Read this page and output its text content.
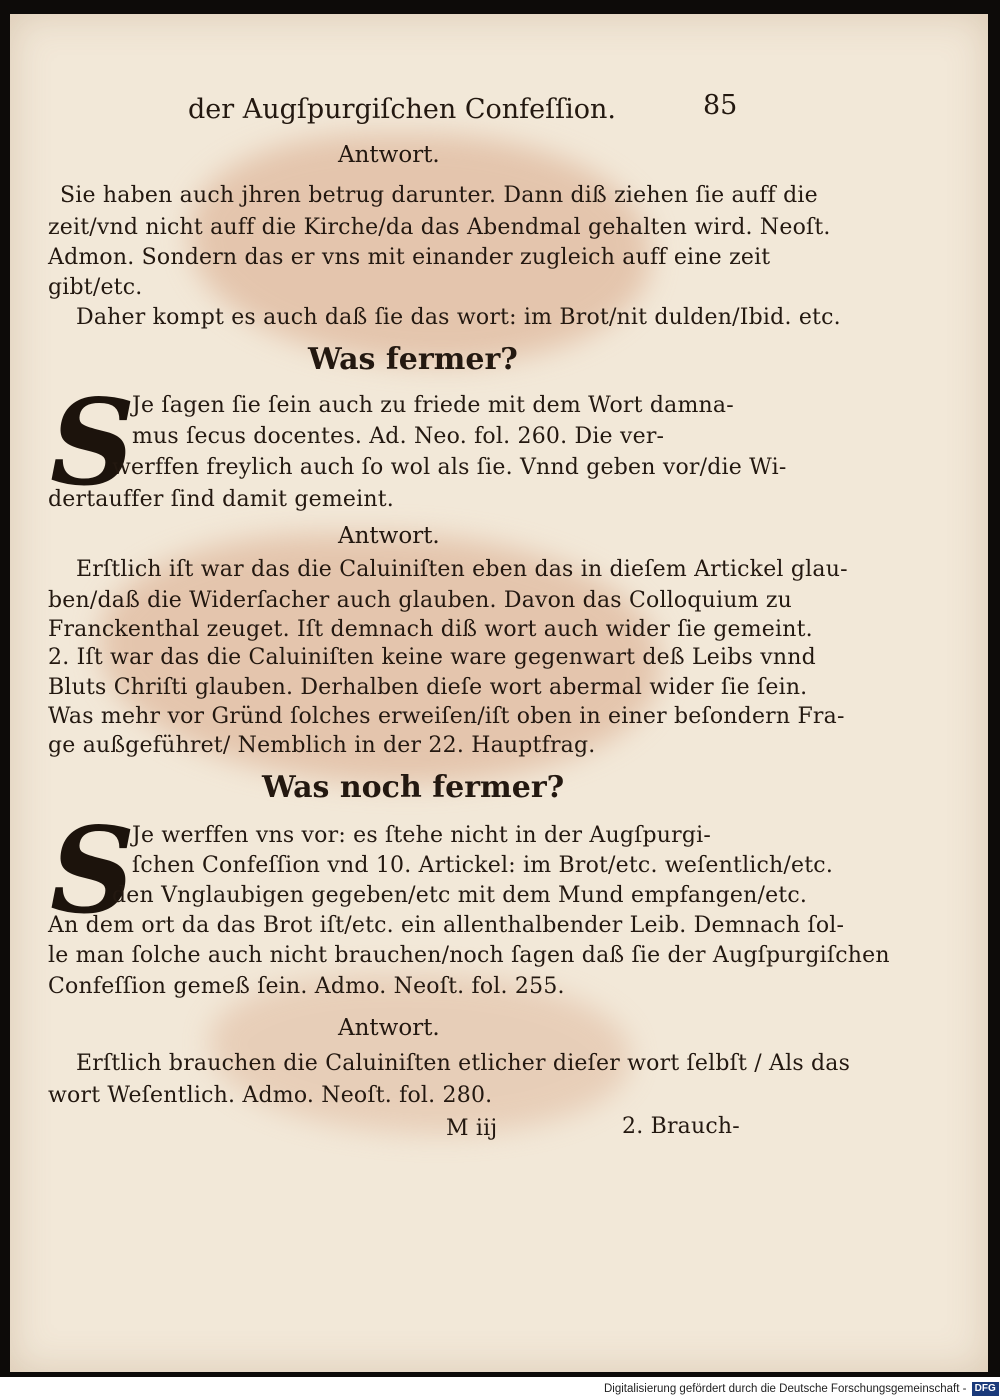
der Augſpurgiſchen Confeſſion.	85
Antwort.
Sie haben auch jhren betrug darunter. Dann diß ziehen ſie auff die
zeit/vnd nicht auff die Kirche/da das Abendmal gehalten wird. Neoſt.
Admon. Sondern das er vns mit einander zugleich auff eine zeit
gibt/etc.
Daher kompt es auch daß ſie das wort: im Brot/nit dulden/Ibid. etc.
Was fermer?
S
Je ſagen ſie ſein auch zu friede mit dem Wort damna-
mus ſecus docentes. Ad. Neo. fol. 260. Die ver-
werffen freylich auch ſo wol als ſie. Vnnd geben vor/die Wi-
dertauffer ſind damit gemeint.
Antwort.
Erſtlich iſt war das die Caluiniſten eben das in dieſem Artickel glau-
ben/daß die Widerſacher auch glauben. Davon das Colloquium zu
Franckenthal zeuget. Iſt demnach diß wort auch wider ſie gemeint.
2. Iſt war das die Caluiniſten keine ware gegenwart deß Leibs vnnd
Bluts Chriſti glauben. Derhalben dieſe wort abermal wider ſie ſein.
Was mehr vor Gründ ſolches erweiſen/iſt oben in einer beſondern Fra-
ge außgeführet/ Nemblich in der 22. Hauptfrag.
Was noch fermer?
S
Je werffen vns vor: es ſtehe nicht in der Augſpurgi-
ſchen Confeſſion vnd 10. Artickel: im Brot/etc. weſentlich/etc.
den Vnglaubigen gegeben/etc mit dem Mund empfangen/etc.
An dem ort da das Brot iſt/etc. ein allenthalbender Leib. Demnach ſol-
le man ſolche auch nicht brauchen/noch ſagen daß ſie der Augſpurgiſchen
Confeſſion gemeß ſein. Admo. Neoſt. fol. 255.
Antwort.
Erſtlich brauchen die Caluiniſten etlicher dieſer wort ſelbſt / Als das
wort Weſentlich. Admo. Neoſt. fol. 280.
M iij	2. Brauch-
Digitalisierung gefördert durch die Deutsche Forschungsgemeinschaft - DFG
